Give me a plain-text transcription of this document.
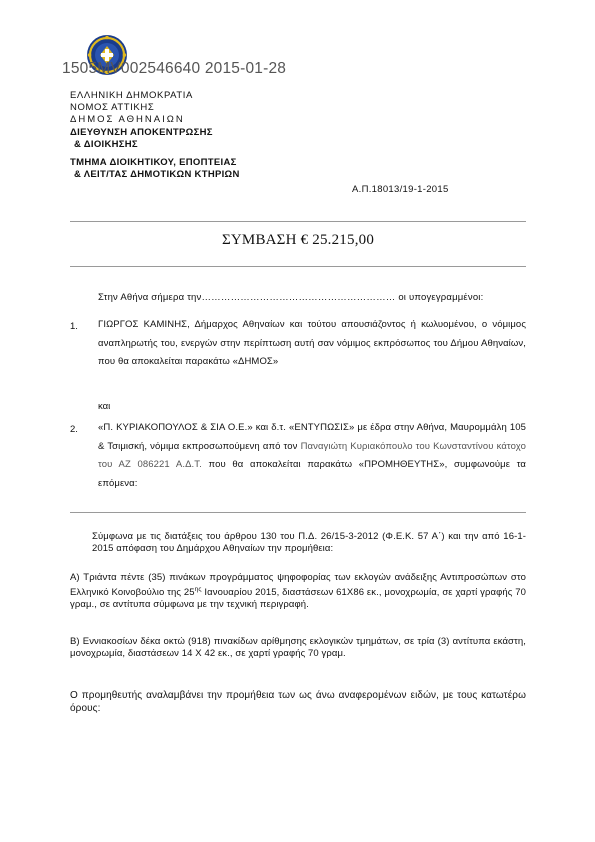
1505MV002546640 2015-01-28
ΕΛΛΗΝΙΚΗ ΔΗΜΟΚΡΑΤΙΑ
ΝΟΜΟΣ ΑΤΤΙΚΗΣ
ΔΗΜΟΣ ΑΘΗΝΑΙΩΝ
ΔΙΕΥΘΥΝΣΗ ΑΠΟΚΕΝΤΡΩΣΗΣ
& ΔΙΟΙΚΗΣΗΣ
ΤΜΗΜΑ ΔΙΟΙΚΗΤΙΚΟΥ, ΕΠΟΠΤΕΙΑΣ
& ΛΕΙΤ/ΤΑΣ ΔΗΜΟΤΙΚΩΝ ΚΤΗΡΙΩΝ
Α.Π.18013/19-1-2015
ΣΥΜΒΑΣΗ € 25.215,00
Στην Αθήνα σήμερα την…………………………………………………… οι υπογεγραμμένοι:
1. ΓΙΩΡΓΟΣ ΚΑΜΙΝΗΣ, Δήμαρχος Αθηναίων και τούτου απουσιάζοντος ή κωλυομένου, ο νόμιμος αναπληρωτής του, ενεργών στην περίπτωση αυτή σαν νόμιμος εκπρόσωπος του Δήμου Αθηναίων, που θα αποκαλείται παρακάτω «ΔΗΜΟΣ»
και
2. «Π. ΚΥΡΙΑΚΟΠΟΥΛΟΣ & ΣΙΑ Ο.Ε.» και δ.τ. «ΕΝΤΥΠΩΣΙΣ» με έδρα στην Αθήνα, Μαυρομμάλη 105 & Τσιμισκή, νόμιμα εκπροσωπούμενη από τον Παναγιώτη Κυριακόπουλο του Κωνσταντίνου κάτοχο του ΑΖ 086221 Α.Δ.Τ. που θα αποκαλείται παρακάτω «ΠΡΟΜΗΘΕΥΤΗΣ», συμφωνούμε τα επόμενα:
Σύμφωνα με τις διατάξεις του άρθρου 130 του Π.Δ. 26/15-3-2012 (Φ.Ε.Κ. 57 Α΄) και την από 16-1-2015 απόφαση του Δημάρχου Αθηναίων την προμήθεια:
Α) Τριάντα πέντε (35) πινάκων προγράμματος ψηφοφορίας των εκλογών ανάδειξης Αντιπροσώπων στο Ελληνικό Κοινοβούλιο της $25^{\eta\varsigma}$ Ιανουαρίου 2015, διαστάσεων 61Χ86 εκ., μονοχρωμία, σε χαρτί γραφής 70 γραμ., σε αντίτυπα σύμφωνα με την τεχνική περιγραφή.
Β) Εννιακοσίων δέκα οκτώ (918) πινακίδων αρίθμησης εκλογικών τμημάτων, σε τρία (3) αντίτυπα εκάστη, μονοχρωμία, διαστάσεων 14 Χ 42 εκ., σε χαρτί γραφής 70 γραμ.
Ο προμηθευτής αναλαμβάνει την προμήθεια των ως άνω αναφερομένων ειδών, με τους κατωτέρω όρους:
